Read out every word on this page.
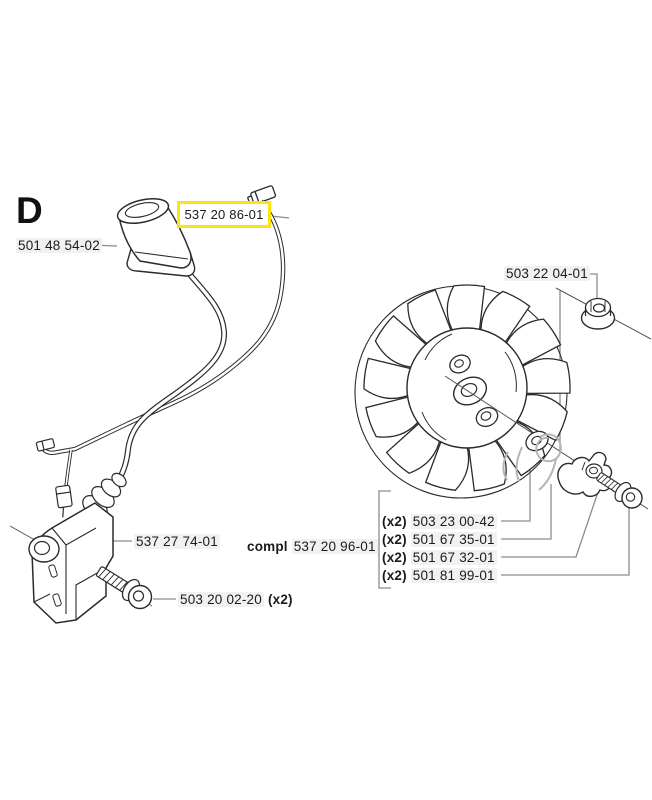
D	537 20 86-01
501 48 54-02
537 27 74-01
503 20 02-20 (x2)
503 22 04-01
compl 537 20 96-01
(x2) 503 23 00-42
(x2) 501 67 35-01
(x2) 501 67 32-01
(x2) 501 81 99-01
